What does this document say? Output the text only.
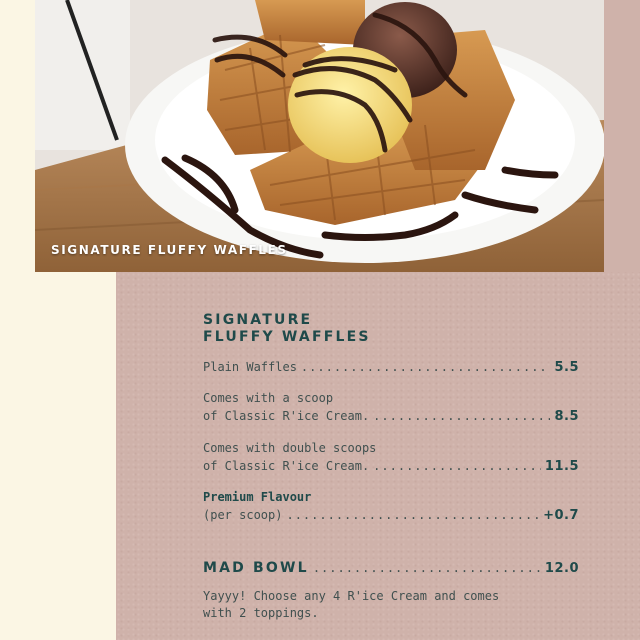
SIGNATURE FLUFFY WAFFLES
SIGNATURE
FLUFFY WAFFLES
Plain Waffles .....	5.5
Comes with a scoop
of Classic R'ice Cream. .....	8.5
Comes with double scoops
of Classic R'ice Cream. .....	11.5
Premium Flavour
(per scoop) .....	+0.7
MAD BOWL .....	12.0
Yayyy! Choose any 4 R'ice Cream and comes
with 2 toppings.
